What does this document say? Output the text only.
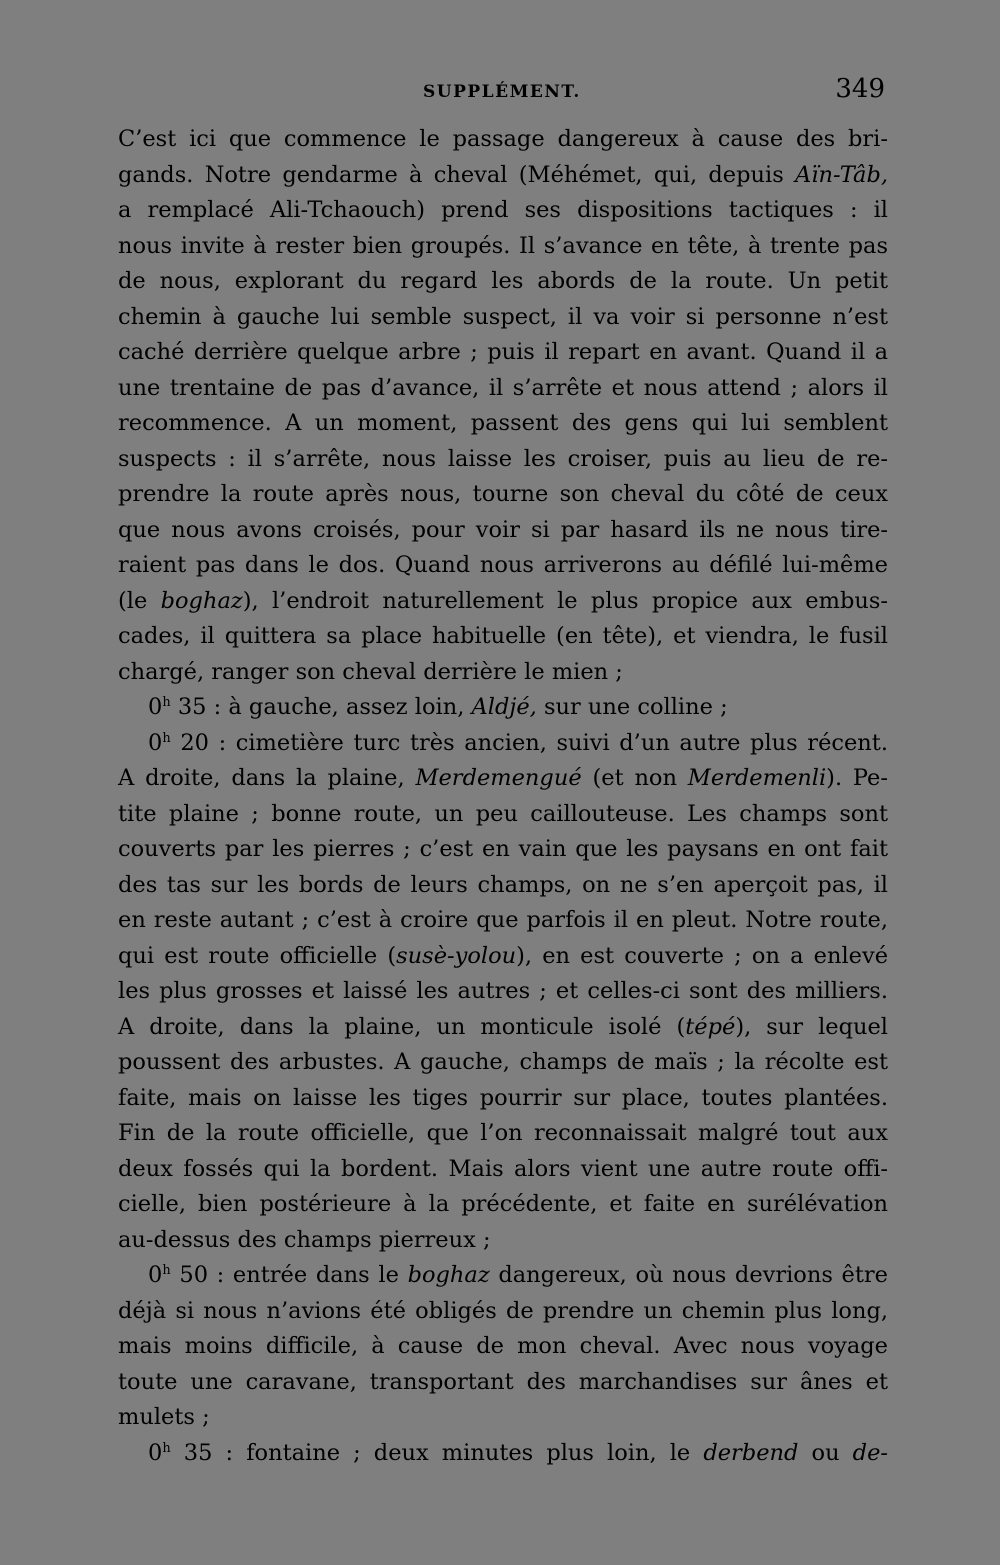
SUPPLÉMENT.	349
C’est ici que commence le passage dangereux à cause des bri-
gands. Notre gendarme à cheval (Méhémet, qui, depuis Aïn-Tâb,
a remplacé Ali-Tchaouch) prend ses dispositions tactiques : il
nous invite à rester bien groupés. Il s’avance en tête, à trente pas
de nous, explorant du regard les abords de la route. Un petit
chemin à gauche lui semble suspect, il va voir si personne n’est
caché derrière quelque arbre ; puis il repart en avant. Quand il a
une trentaine de pas d’avance, il s’arrête et nous attend ; alors il
recommence. A un moment, passent des gens qui lui semblent
suspects : il s’arrête, nous laisse les croiser, puis au lieu de re-
prendre la route après nous, tourne son cheval du côté de ceux
que nous avons croisés, pour voir si par hasard ils ne nous tire-
raient pas dans le dos. Quand nous arriverons au défilé lui-même
(le boghaz), l’endroit naturellement le plus propice aux embus-
cades, il quittera sa place habituelle (en tête), et viendra, le fusil
chargé, ranger son cheval derrière le mien ;
0$^h$ 35 : à gauche, assez loin, Aldjé, sur une colline ;
0$^h$ 20 : cimetière turc très ancien, suivi d’un autre plus récent.
A droite, dans la plaine, Merdemengué (et non Merdemenli). Pe-
tite plaine ; bonne route, un peu caillouteuse. Les champs sont
couverts par les pierres ; c’est en vain que les paysans en ont fait
des tas sur les bords de leurs champs, on ne s’en aperçoit pas, il
en reste autant ; c’est à croire que parfois il en pleut. Notre route,
qui est route officielle (susè-yolou), en est couverte ; on a enlevé
les plus grosses et laissé les autres ; et celles-ci sont des milliers.
A droite, dans la plaine, un monticule isolé (tépé), sur lequel
poussent des arbustes. A gauche, champs de maïs ; la récolte est
faite, mais on laisse les tiges pourrir sur place, toutes plantées.
Fin de la route officielle, que l’on reconnaissait malgré tout aux
deux fossés qui la bordent. Mais alors vient une autre route offi-
cielle, bien postérieure à la précédente, et faite en surélévation
au-dessus des champs pierreux ;
0$^h$ 50 : entrée dans le boghaz dangereux, où nous devrions être
déjà si nous n’avions été obligés de prendre un chemin plus long,
mais moins difficile, à cause de mon cheval. Avec nous voyage
toute une caravane, transportant des marchandises sur ânes et
mulets ;
0$^h$ 35 : fontaine ; deux minutes plus loin, le derbend ou de-
